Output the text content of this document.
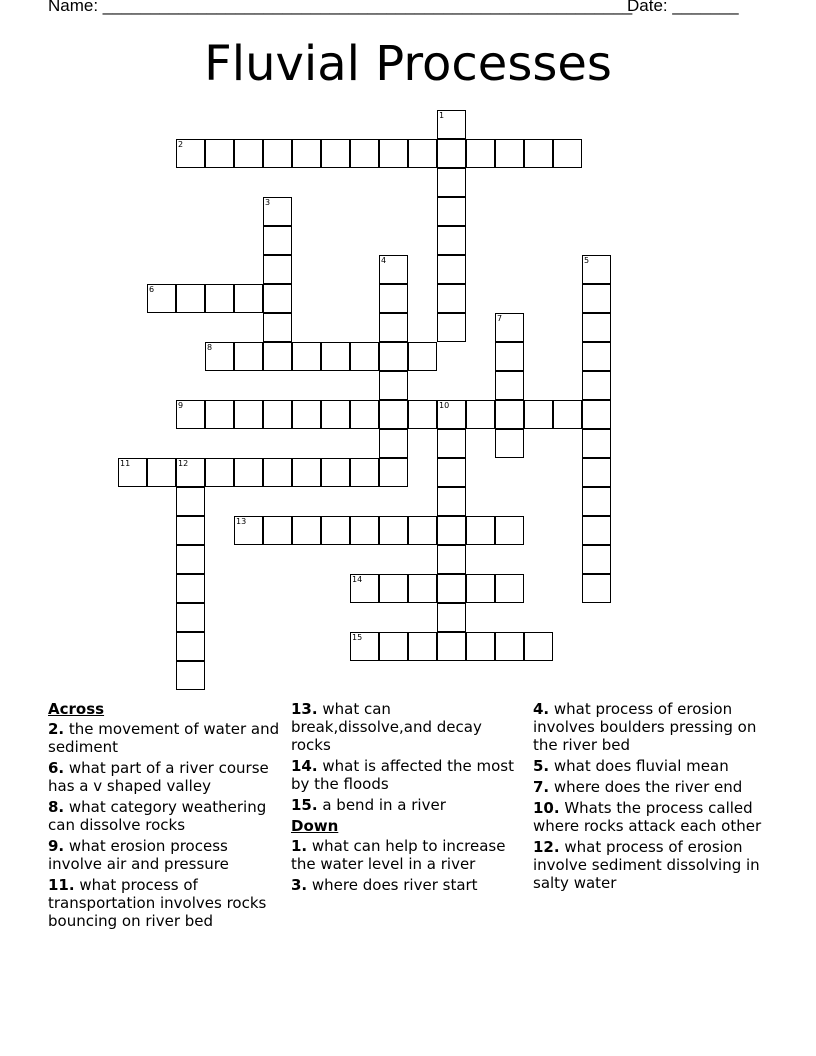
Name: ________________________________________________________
Date: _______
Fluvial Processes
1
2
3
4	5
6
7
8
9	10
11	12
13
14
15
Across
2. the movement of water and sediment
6. what part of a river course has a v shaped valley
8. what category weathering can dissolve rocks
9. what erosion process involve air and pressure
11. what process of transportation involves rocks bouncing on river bed
13. what can break,dissolve,and decay rocks
14. what is affected the most by the floods
15. a bend in a river
Down
1. what can help to increase the water level in a river
3. where does river start
4. what process of erosion involves boulders pressing on the river bed
5. what does fluvial mean
7. where does the river end
10. Whats the process called where rocks attack each other
12. what process of erosion involve sediment dissolving in salty water
